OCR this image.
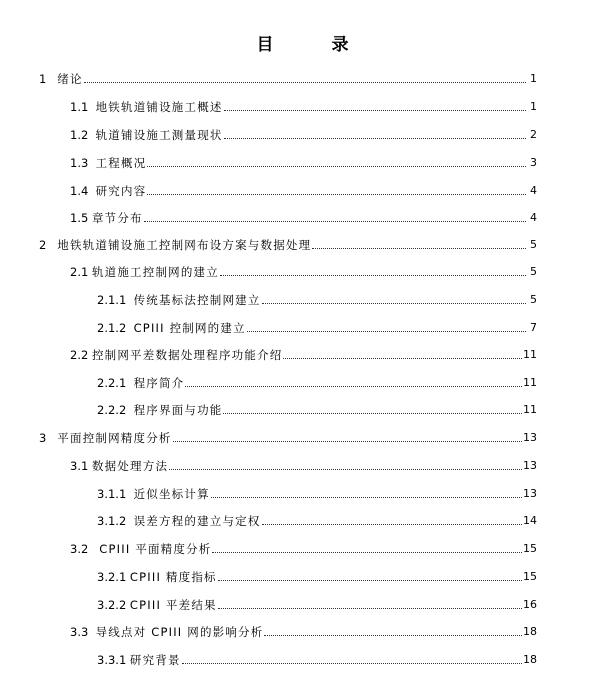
目 录
1 绪论	1
1.1 地铁轨道铺设施工概述	1
1.2 轨道铺设施工测量现状	2
1.3 工程概况	3
1.4 研究内容	4
1.5 章节分布	4
2 地铁轨道铺设施工控制网布设方案与数据处理	5
2.1 轨道施工控制网的建立	5
2.1.1 传统基标法控制网建立	5
2.1.2 CPIII 控制网的建立	7
2.2 控制网平差数据处理程序功能介绍	11
2.2.1 程序简介	11
2.2.2 程序界面与功能	11
3 平面控制网精度分析	13
3.1 数据处理方法	13
3.1.1 近似坐标计算	13
3.1.2 误差方程的建立与定权	14
3.2 CPIII 平面精度分析	15
3.2.1 CPIII 精度指标	15
3.2.2 CPIII 平差结果	16
3.3 导线点对 CPIII 网的影响分析	18
3.3.1 研究背景	18
